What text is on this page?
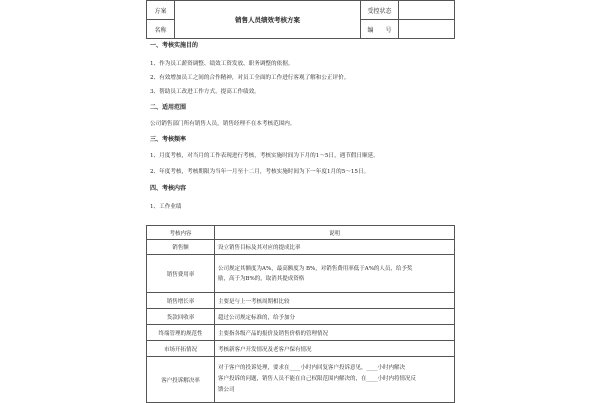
方案	销售人员绩效考核方案	受控状态	
名称		编　　号	
一、考核实施目的
1、作为员工薪资调整、绩效工资发放、职务调整的依据。
2、有效增加员工之间的合作精神，对员工全面的工作进行客观了解和公正评价。
3、帮助员工改进工作方式，提高工作绩效。
二、适用范围
公司销售部门所有销售人员，销售经理不在本考核范围内。
三、考核频率
1、月度考核，对当月的工作表现进行考核，考核实施时间为下月的1～5日，遇节假日顺延。
2、年度考核，考核期限为当年一月至十二月，考核实施时间为下一年度1月的5～15日。
四、考核内容
1、工作业绩
考核内容	说明
销售额	设立销售目标及其对应的提成比率

销售费用率	公司规定其额度为A%，最高额度为 B%，对销售费用率低于A%的人员，给予奖
励，高于为B%的，取消其提成资格

销售增长率	主要是与上一考核周期相比较

货款回收率	超过公司规定标准的，给予加分

终端管理的规范性	主要指各级产品的报价及销售价格的管理情况

市场开拓情况	考核新客户开发情况及老客户保有情况

客户投诉解决率	对于客户的投诉处理，要求在____小时内回复客户投诉意见，____小时内解决
客户投诉的问题，销售人员不能在自己权限范围内解决的，在____小时内将情况反
馈公司
